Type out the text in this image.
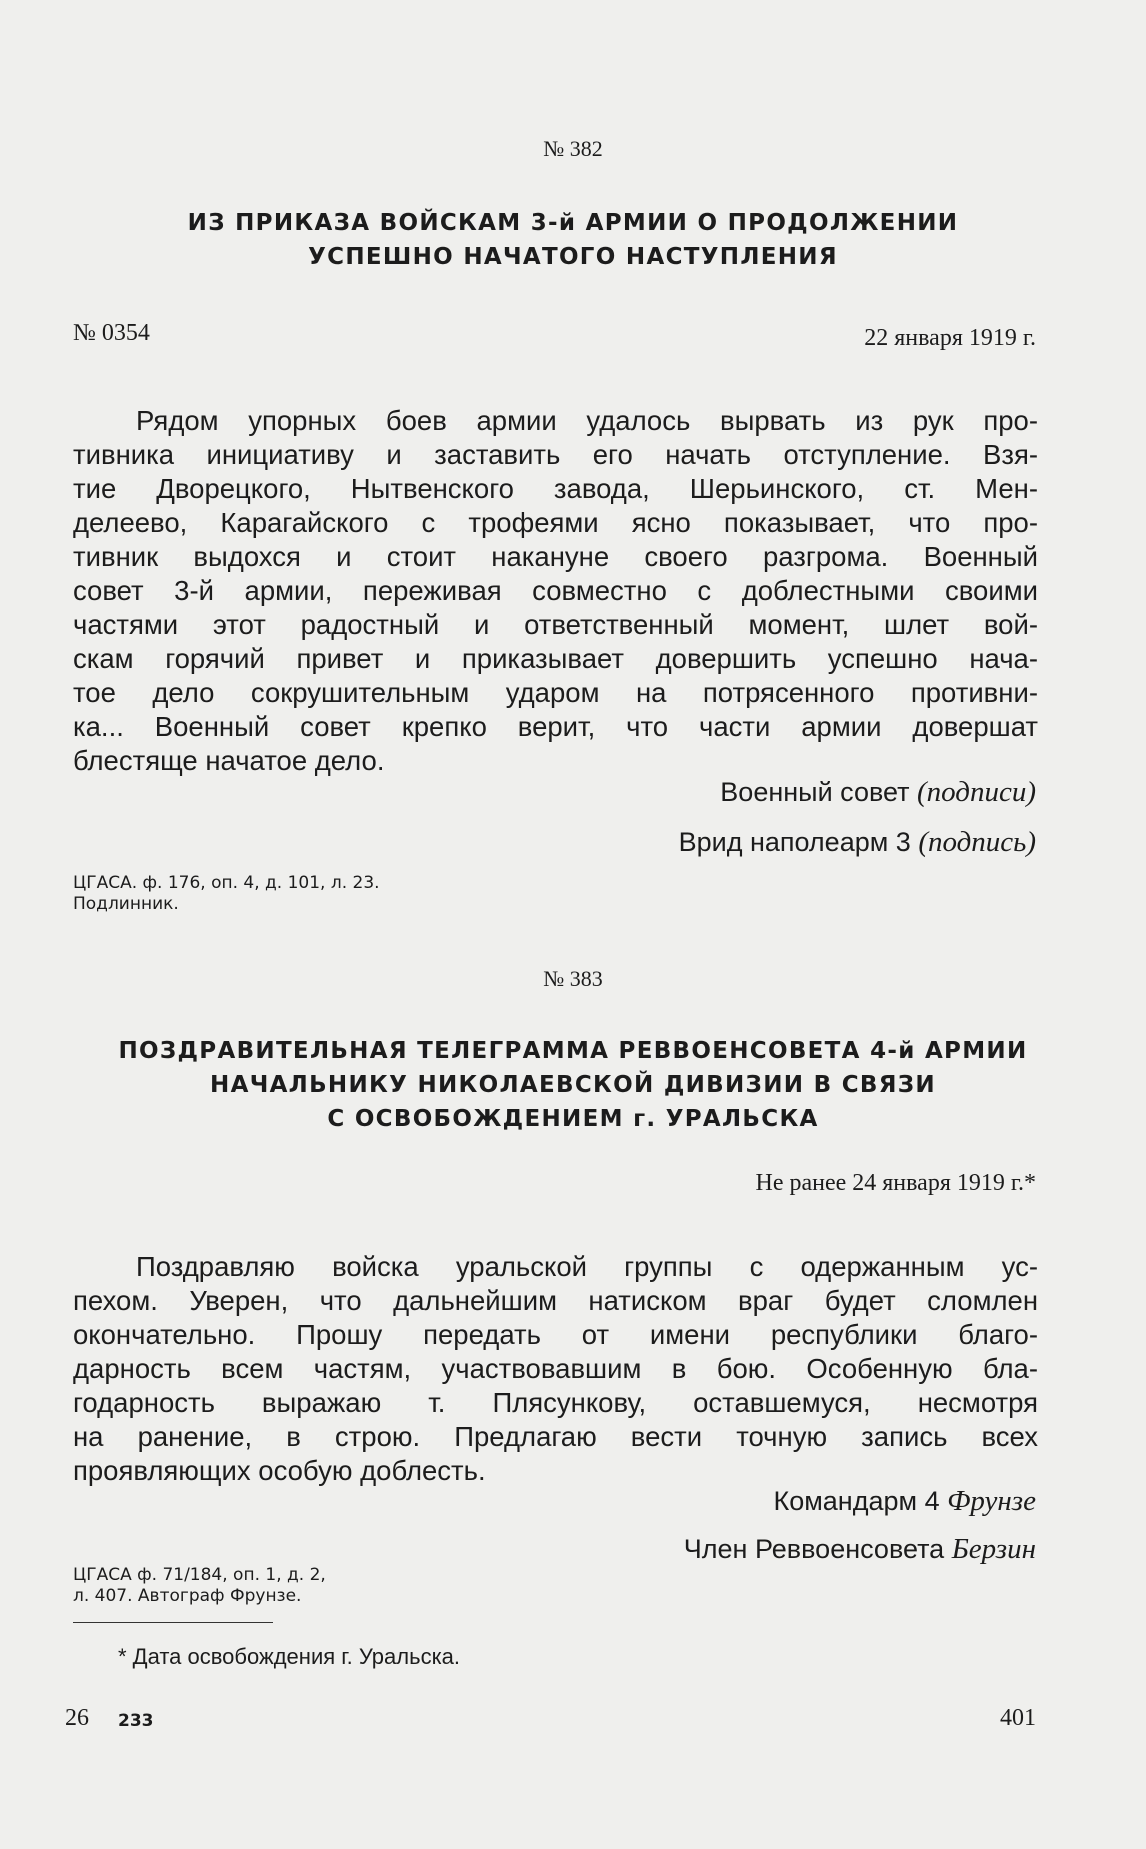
№ 382
ИЗ ПРИКАЗА ВОЙСКАМ 3-й АРМИИ О ПРОДОЛЖЕНИИ
УСПЕШНО НАЧАТОГО НАСТУПЛЕНИЯ
№ 0354	22 января 1919 г.
Рядом упорных боев армии удалось вырвать из рук про-
тивника инициативу и заставить его начать отступление. Взя-
тие Дворецкого, Нытвенского завода, Шерьинского, ст. Мен-
делеево, Карагайского с трофеями ясно показывает, что про-
тивник выдохся и стоит накануне своего разгрома. Военный
совет 3-й армии, переживая совместно с доблестными своими
частями этот радостный и ответственный момент, шлет вой-
скам горячий привет и приказывает довершить успешно нача-
тое дело сокрушительным ударом на потрясенного противни-
ка... Военный совет крепко верит, что части армии довершат
блестяще начатое дело.
Военный совет (подписи)
Врид наполеарм 3 (подпись)
ЦГАСА. ф. 176, оп. 4, д. 101, л. 23.
Подлинник.
№ 383
ПОЗДРАВИТЕЛЬНАЯ ТЕЛЕГРАММА РЕВВОЕНСОВЕТА 4-й АРМИИ
НАЧАЛЬНИКУ НИКОЛАЕВСКОЙ ДИВИЗИИ В СВЯЗИ
С ОСВОБОЖДЕНИЕМ г. УРАЛЬСКА
Не ранее 24 января 1919 г.*
Поздравляю войска уральской группы с одержанным ус-
пехом. Уверен, что дальнейшим натиском враг будет сломлен
окончательно. Прошу передать от имени республики благо-
дарность всем частям, участвовавшим в бою. Особенную бла-
годарность выражаю т. Плясункову, оставшемуся, несмотря
на ранение, в строю. Предлагаю вести точную запись всех
проявляющих особую доблесть.
Командарм 4 Фрунзе
Член Реввоенсовета Берзин
ЦГАСА ф. 71/184, оп. 1, д. 2,
л. 407. Автограф Фрунзе.
* Дата освобождения г. Уральска.
26 233	401
